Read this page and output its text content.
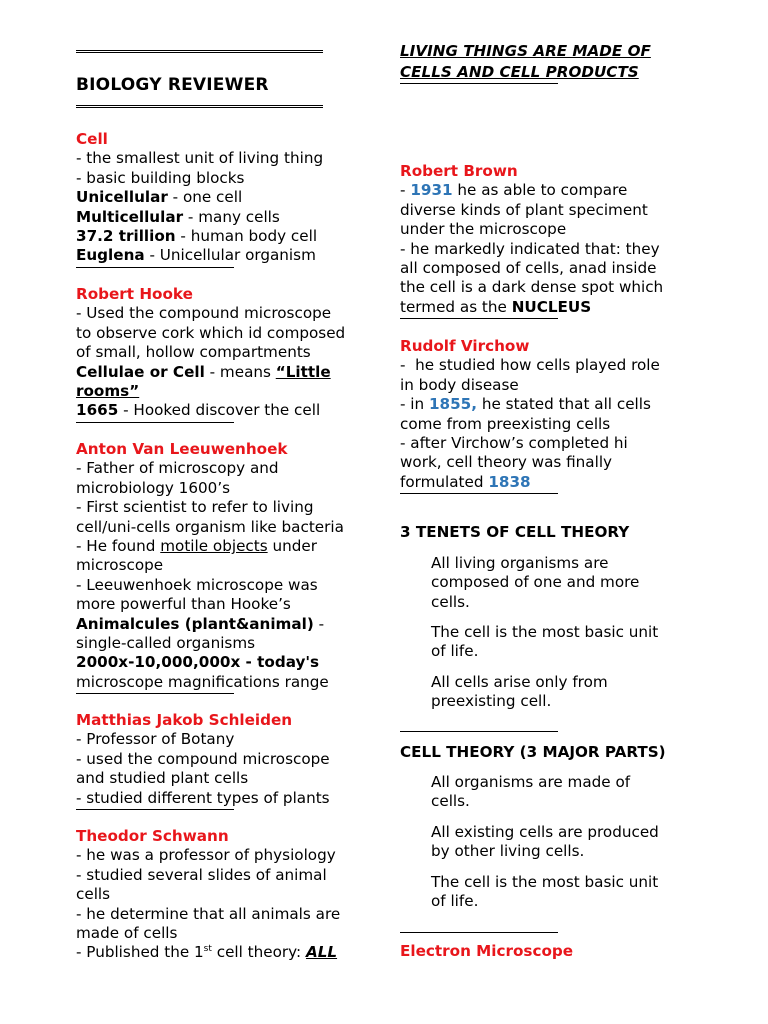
BIOLOGY REVIEWER

Cell

- the smallest unit of living thing

- basic building blocks

Unicellular - one cell

Multicellular - many cells

37.2 trillion - human body cell

Euglena - Unicellular organism

Robert Hooke

- Used the compound microscope

to observe cork which id composed

of small, hollow compartments

Cellulae or Cell - means “Little

rooms”

1665 - Hooked discover the cell

Anton Van Leeuwenhoek

- Father of microscopy and

microbiology 1600’s

- First scientist to refer to living

cell/uni-cells organism like bacteria

- He found motile objects under

microscope

- Leeuwenhoek microscope was

more powerful than Hooke’s

Animalcules (plant&animal) -

single-called organisms

2000x-10,000,000x - today's

microscope magnifications range

Matthias Jakob Schleiden

- Professor of Botany

- used the compound microscope

and studied plant cells

- studied different types of plants

Theodor Schwann

- he was a professor of physiology

- studied several slides of animal

cells

- he determine that all animals are

made of cells

- Published the 1st cell theory: ALL

LIVING THINGS ARE MADE OF

CELLS AND CELL PRODUCTS

Robert Brown

- 1931 he as able to compare

diverse kinds of plant speciment

under the microscope

- he markedly indicated that: they

all composed of cells, anad inside

the cell is a dark dense spot which

termed as the NUCLEUS

Rudolf Virchow

-  he studied how cells played role

in body disease

- in 1855, he stated that all cells

come from preexisting cells

- after Virchow’s completed hi

work, cell theory was finally

formulated 1838

3 TENETS OF CELL THEORY

All living organisms are

composed of one and more

cells.

The cell is the most basic unit

of life.

All cells arise only from

preexisting cell.

CELL THEORY (3 MAJOR PARTS)

All organisms are made of

cells.

All existing cells are produced

by other living cells.

The cell is the most basic unit

of life.

Electron Microscope
